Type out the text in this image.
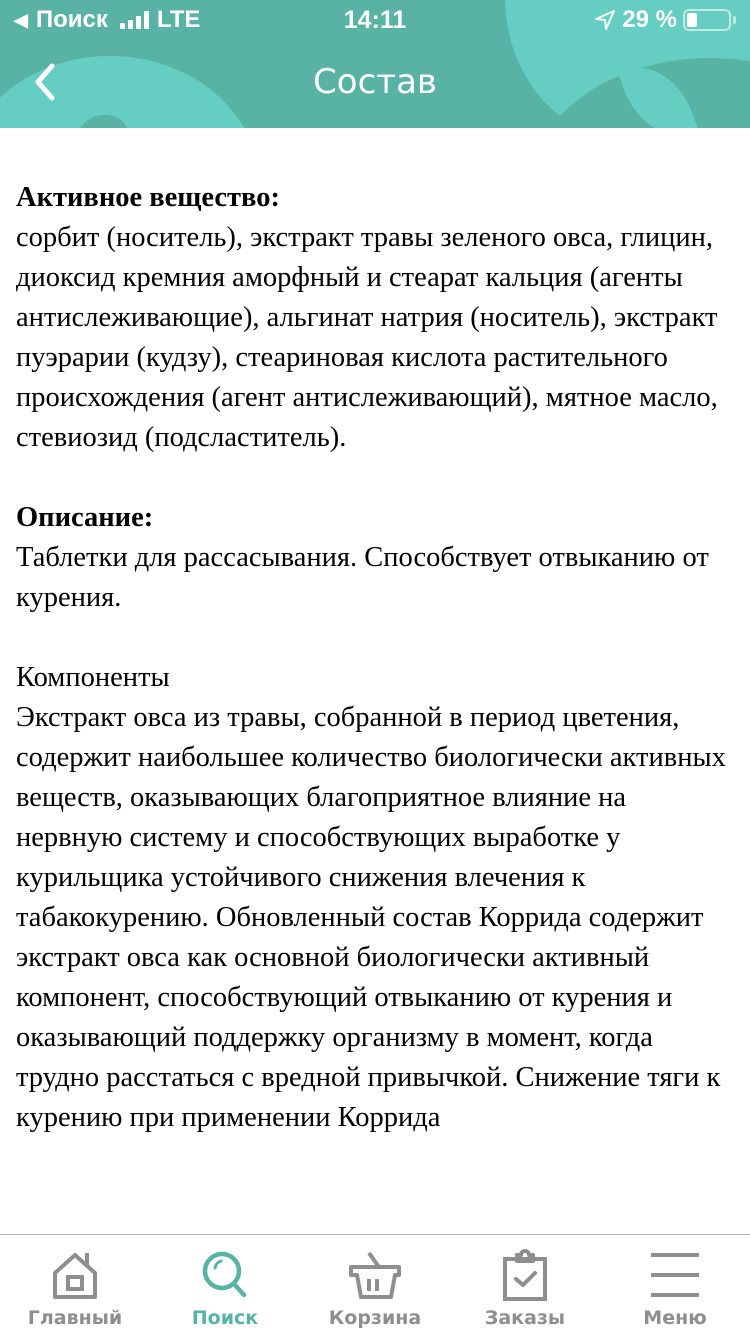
◀ Поиск LTE	14:11	29 %
Состав
Активное вещество:
сорбит (носитель), экстракт травы зеленого овса, глицин, диоксид кремния аморфный и стеарат кальция (агенты антислеживающие), альгинат натрия (носитель), экстракт пуэрарии (кудзу), стеариновая кислота растительного происхождения (агент антислеживающий), мятное масло, стевиозид (подсластитель).
Описание:
Таблетки для рассасывания. Способствует отвыканию от курения.
Компоненты
Экстракт овса из травы, собранной в период цветения, содержит наибольшее количество биологически активных веществ, оказывающих благоприятное влияние на нервную систему и способствующих выработке у курильщика устойчивого снижения влечения к табакокурению. Обновленный состав Коррида содержит экстракт овса как основной биологически активный компонент, способствующий отвыканию от курения и оказывающий поддержку организму в момент, когда трудно расстаться с вредной привычкой. Снижение тяги к курению при применении Коррида
Главный	Поиск	Корзина	Заказы	Меню
